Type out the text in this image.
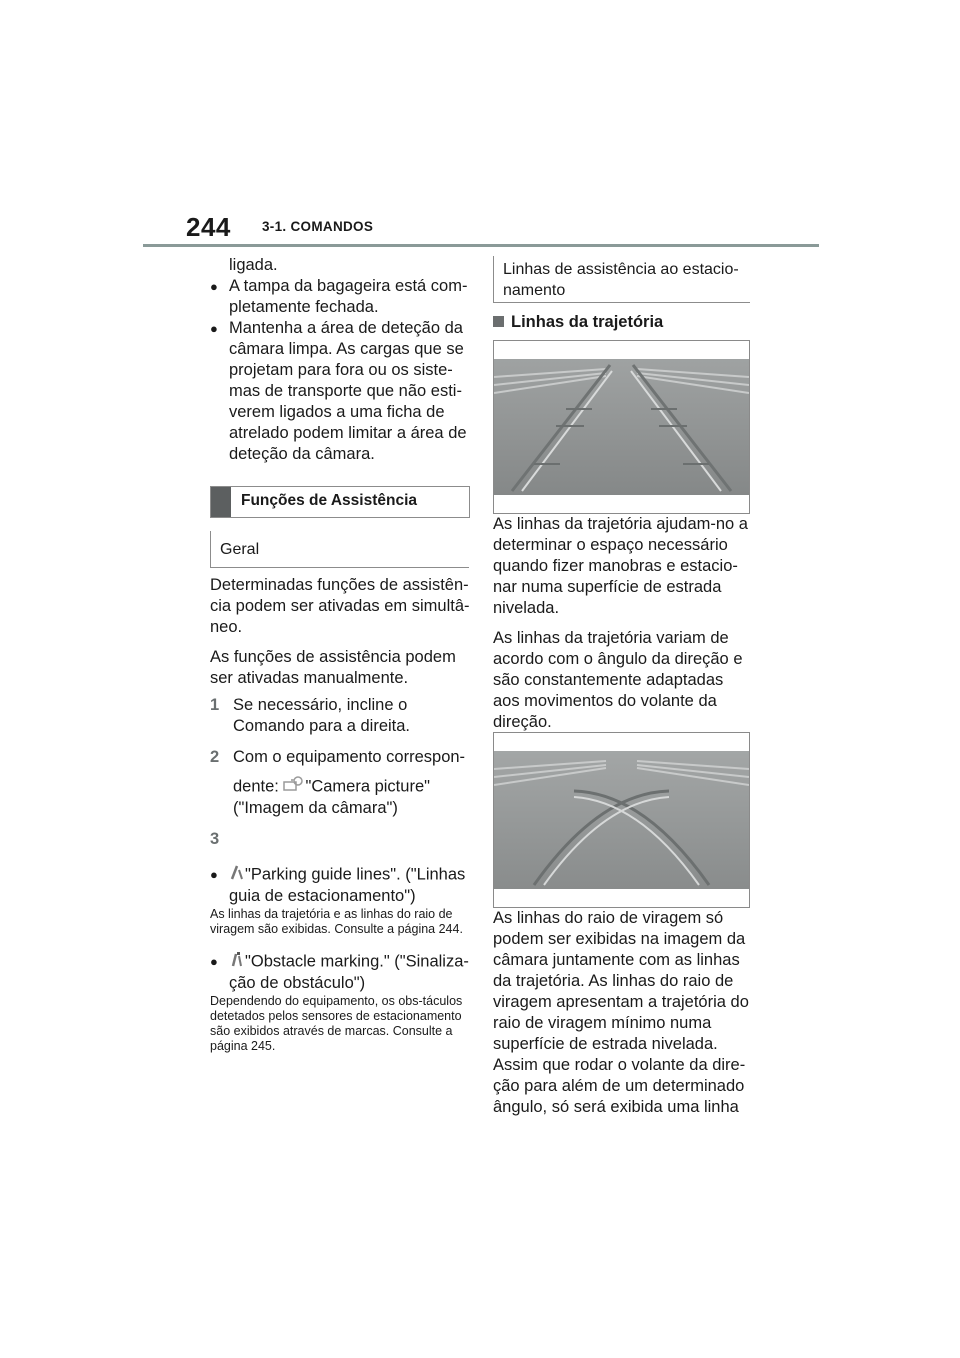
244 3-1. COMANDOS

ligada.

● A tampa da bagageira está com-pletamente fechada.

● Mantenha a área de deteção da câmara limpa. As cargas que se projetam para fora ou os siste-mas de transporte que não esti-verem ligados a uma ficha de atrelado podem limitar a área de deteção da câmara.

Funções de Assistência
Geral

Determinadas funções de assistên-cia podem ser ativadas em simultâ-neo.

As funções de assistência podem ser ativadas manualmente.

1 Se necessário, incline o Comando para a direita.
2 Com o equipamento correspon-
dente: "Camera picture"
("Imagem da câmara")
3

● "Parking guide lines". ("Linhas guia de estacionamento")

As linhas da trajetória e as linhas do raio de viragem são exibidas. Consulte a página 244.

● "Obstacle marking." ("Sinaliza-ção de obstáculo")

Dependendo do equipamento, os obs-táculos detetados pelos sensores de estacionamento são exibidos através de marcas. Consulte a página 245.

Linhas de assistência ao estacio-namento

Linhas da trajetória

As linhas da trajetória ajudam-no a determinar o espaço necessário quando fizer manobras e estacio-nar numa superfície de estrada nivelada.

As linhas da trajetória variam de acordo com o ângulo da direção e são constantemente adaptadas aos movimentos do volante da direção.

As linhas do raio de viragem só podem ser exibidas na imagem da câmara juntamente com as linhas da trajetória. As linhas do raio de viragem apresentam a trajetória do raio de viragem mínimo numa superfície de estrada nivelada. Assim que rodar o volante da dire-ção para além de um determinado ângulo, só será exibida uma linha
